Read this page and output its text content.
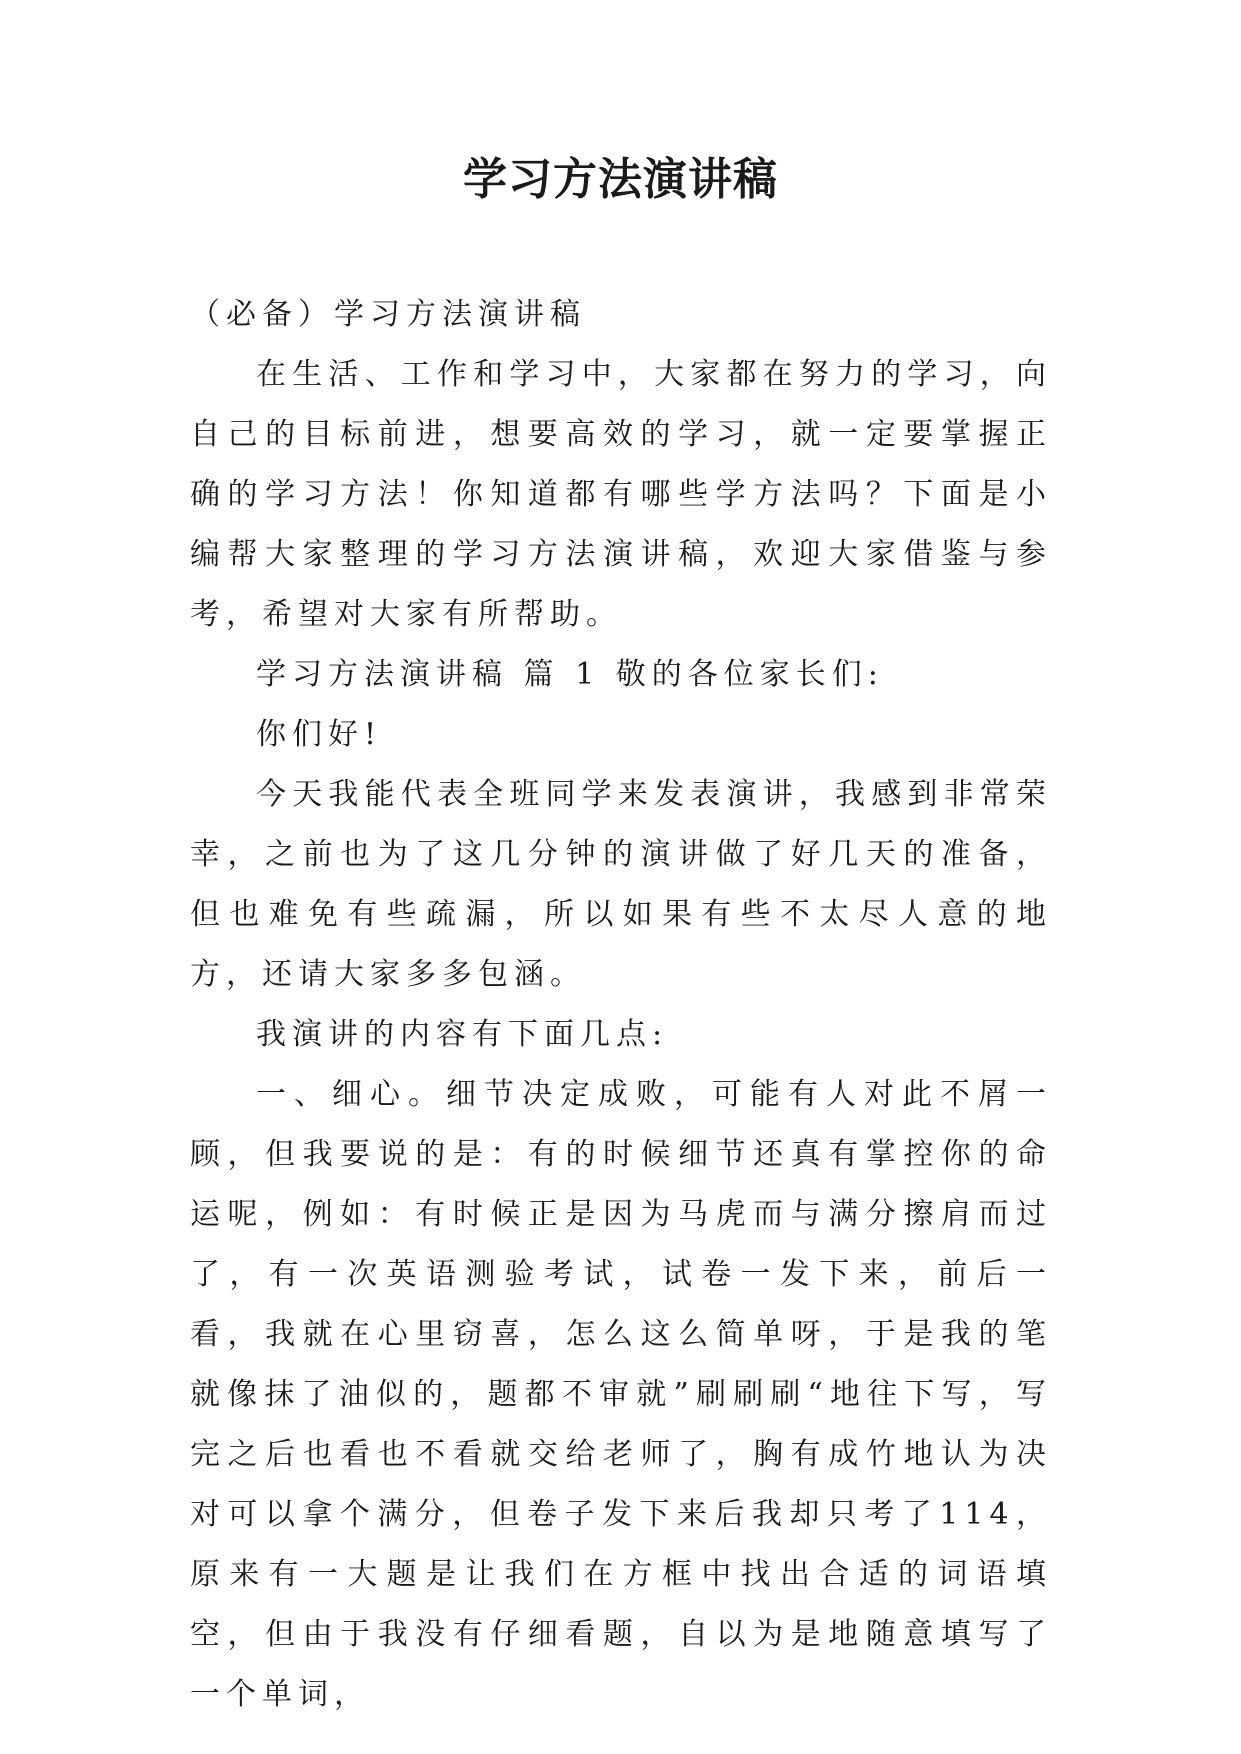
学习方法演讲稿

（必备）学习方法演讲稿

在生活、工作和学习中，大家都在努力的学习，向自己的目标前进，想要高效的学习，就一定要掌握正确的学习方法！你知道都有哪些学方法吗？下面是小编帮大家整理的学习方法演讲稿，欢迎大家借鉴与参考，希望对大家有所帮助。

学习方法演讲稿 篇 1 敬的各位家长们:

你们好!

今天我能代表全班同学来发表演讲，我感到非常荣幸，之前也为了这几分钟的演讲做了好几天的准备，但也难免有些疏漏，所以如果有些不太尽人意的地方，还请大家多多包涵。

我演讲的内容有下面几点:

一、细心。细节决定成败，可能有人对此不屑一顾，但我要说的是：有的时候细节还真有掌控你的命运呢，例如：有时候正是因为马虎而与满分擦肩而过了，有一次英语测验考试，试卷一发下来，前后一看，我就在心里窃喜，怎么这么简单呀，于是我的笔就像抹了油似的，题都不审就”刷刷刷“地往下写，写完之后也看也不看就交给老师了，胸有成竹地认为决对可以拿个满分，但卷子发下来后我却只考了114，原来有一大题是让我们在方框中找出合适的词语填空，但由于我没有仔细看题，自以为是地随意填写了一个单词，
